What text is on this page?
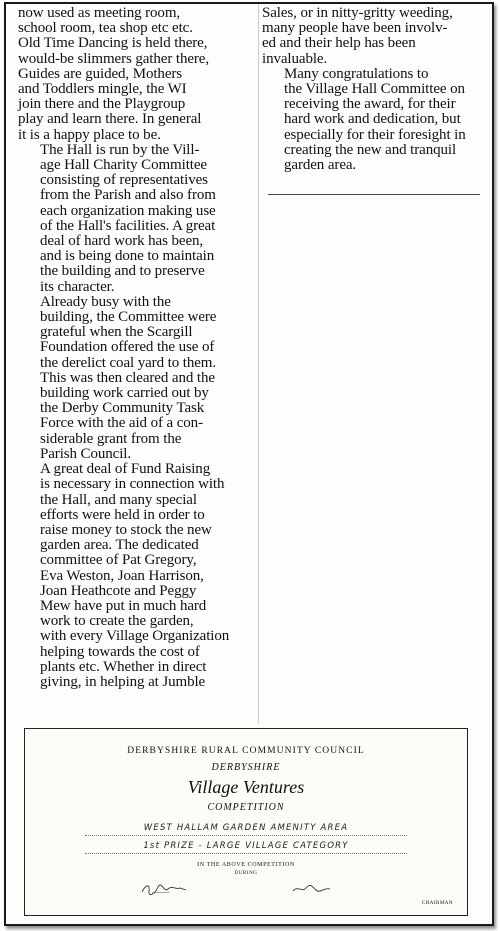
now used as meeting room,
school room, tea shop etc etc.
Old Time Dancing is held there,
would-be slimmers gather there,
Guides are guided, Mothers
and Toddlers mingle, the WI
join there and the Playgroup
play and learn there. In general
it is a happy place to be.

The Hall is run by the Vill-
age Hall Charity Committee
consisting of representatives
from the Parish and also from
each organization making use
of the Hall's facilities. A great
deal of hard work has been,
and is being done to maintain
the building and to preserve
its character.

Already busy with the
building, the Committee were
grateful when the Scargill
Foundation offered the use of
the derelict coal yard to them.
This was then cleared and the
building work carried out by
the Derby Community Task
Force with the aid of a con-
siderable grant from the
Parish Council.

A great deal of Fund Raising
is necessary in connection with
the Hall, and many special
efforts were held in order to
raise money to stock the new
garden area. The dedicated
committee of Pat Gregory,
Eva Weston, Joan Harrison,
Joan Heathcote and Peggy
Mew have put in much hard
work to create the garden,
with every Village Organization
helping towards the cost of
plants etc. Whether in direct
giving, in helping at Jumble

Sales, or in nitty-gritty weeding,
many people have been involv-
ed and their help has been
invaluable.

Many congratulations to
the Village Hall Committee on
receiving the award, for their
hard work and dedication, but
especially for their foresight in
creating the new and tranquil
garden area.

DERBYSHIRE RURAL COMMUNITY COUNCIL
DERBYSHIRE
Village Ventures
COMPETITION
WEST HALLAM GARDEN AMENITY AREA
1st PRIZE - LARGE VILLAGE CATEGORY
IN THE ABOVE COMPETITION
DURING
CHAIRMAN
